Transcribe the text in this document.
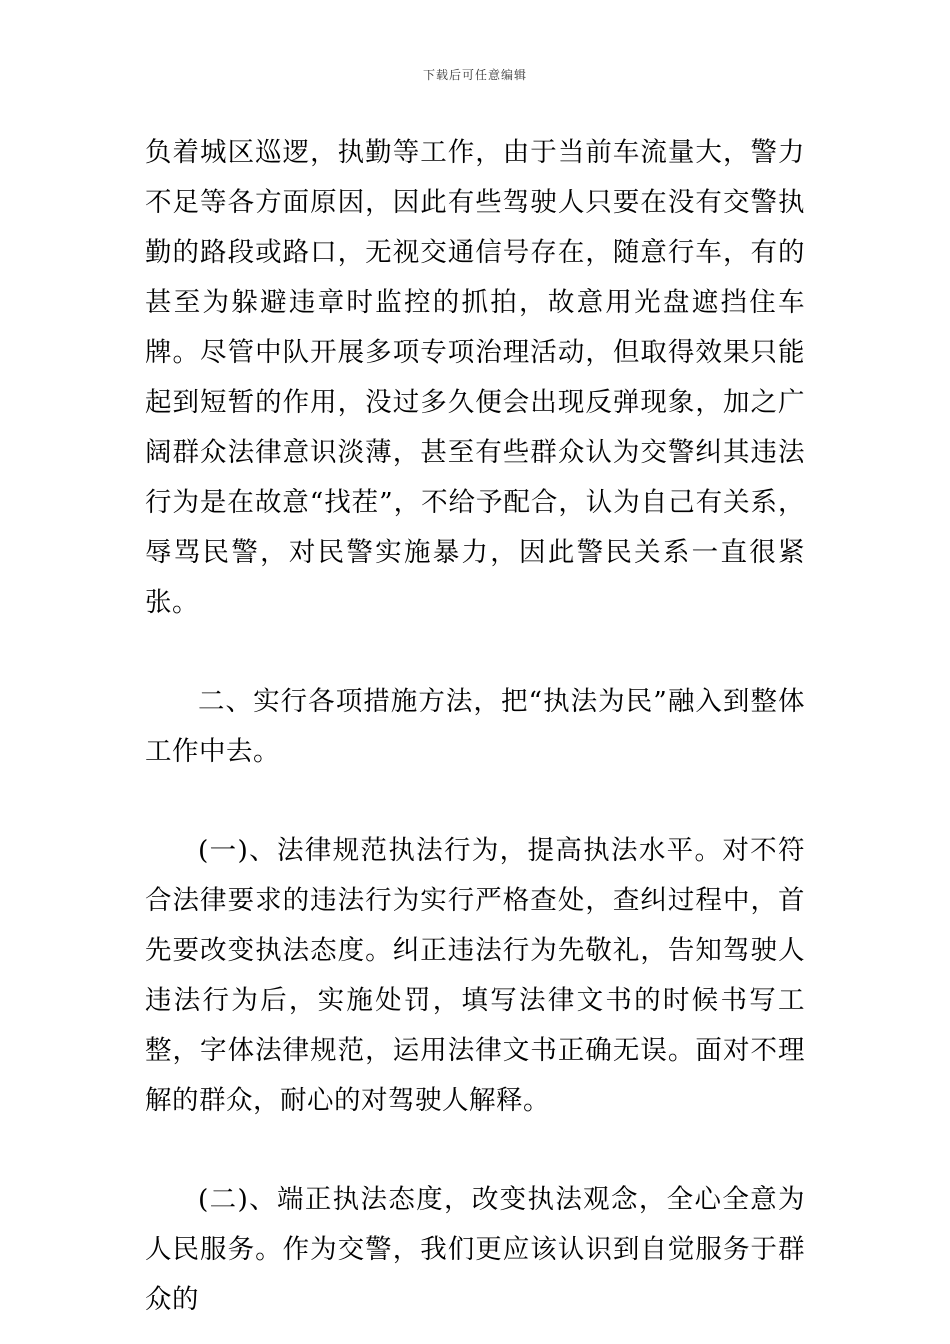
下载后可任意编辑

负着城区巡逻，执勤等工作，由于当前车流量大，警力不足等各方面原因，因此有些驾驶人只要在没有交警执勤的路段或路口，无视交通信号存在，随意行车，有的甚至为躲避违章时监控的抓拍，故意用光盘遮挡住车牌。尽管中队开展多项专项治理活动，但取得效果只能起到短暂的作用，没过多久便会出现反弹现象，加之广阔群众法律意识淡薄，甚至有些群众认为交警纠其违法行为是在故意“找茬”，不给予配合，认为自己有关系，辱骂民警，对民警实施暴力，因此警民关系一直很紧张。

二、实行各项措施方法，把“执法为民”融入到整体工作中去。

(一)、法律规范执法行为，提高执法水平。对不符合法律要求的违法行为实行严格查处，查纠过程中，首先要改变执法态度。纠正违法行为先敬礼，告知驾驶人违法行为后，实施处罚，填写法律文书的时候书写工整，字体法律规范，运用法律文书正确无误。面对不理解的群众，耐心的对驾驶人解释。

(二)、端正执法态度，改变执法观念，全心全意为人民服务。作为交警，我们更应该认识到自觉服务于群众的
